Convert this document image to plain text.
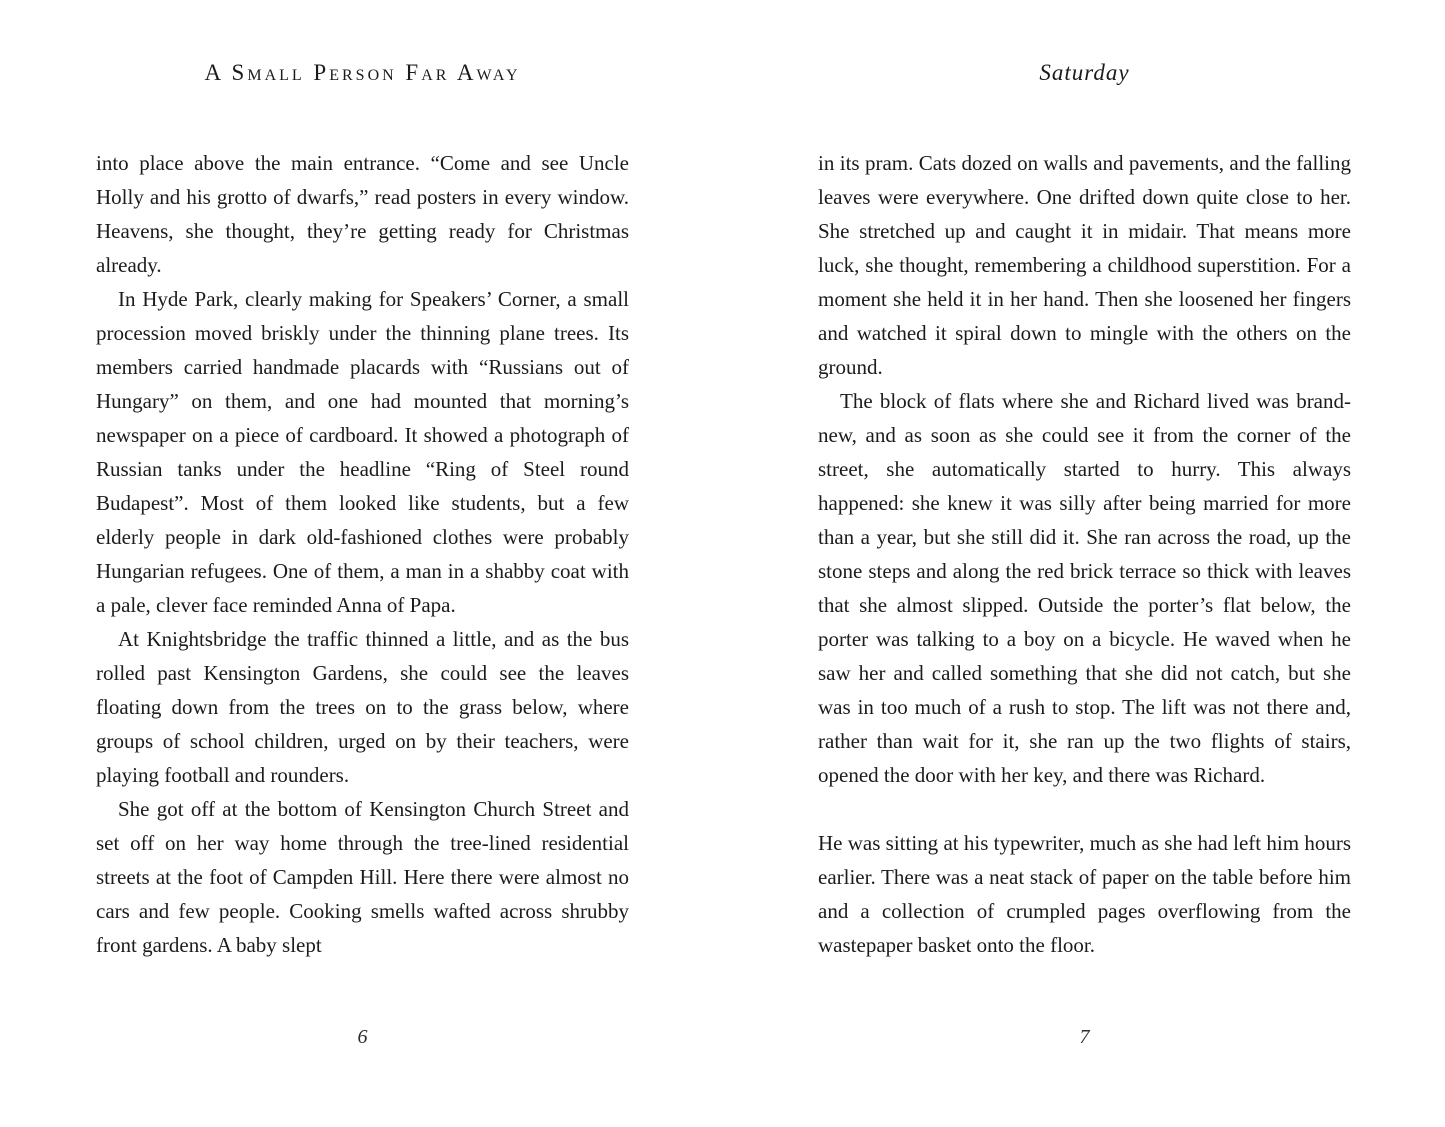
A Small Person Far Away

into place above the main entrance. “Come and see Uncle Holly and his grotto of dwarfs,” read posters in every window. Heavens, she thought, they’re getting ready for Christmas already.

In Hyde Park, clearly making for Speakers’ Corner, a small procession moved briskly under the thinning plane trees. Its members carried handmade placards with “Russians out of Hungary” on them, and one had mounted that morning’s newspaper on a piece of cardboard. It showed a photograph of Russian tanks under the headline “Ring of Steel round Budapest”. Most of them looked like students, but a few elderly people in dark old-fashioned clothes were probably Hungarian refugees. One of them, a man in a shabby coat with a pale, clever face reminded Anna of Papa.

At Knightsbridge the traffic thinned a little, and as the bus rolled past Kensington Gardens, she could see the leaves floating down from the trees on to the grass below, where groups of school children, urged on by their teachers, were playing football and rounders.

She got off at the bottom of Kensington Church Street and set off on her way home through the tree-lined residential streets at the foot of Campden Hill. Here there were almost no cars and few people. Cooking smells wafted across shrubby front gardens. A baby slept

6
Saturday

in its pram. Cats dozed on walls and pavements, and the falling leaves were everywhere. One drifted down quite close to her. She stretched up and caught it in midair. That means more luck, she thought, remembering a childhood superstition. For a moment she held it in her hand. Then she loosened her fingers and watched it spiral down to mingle with the others on the ground.

The block of flats where she and Richard lived was brand-new, and as soon as she could see it from the corner of the street, she automatically started to hurry. This always happened: she knew it was silly after being married for more than a year, but she still did it. She ran across the road, up the stone steps and along the red brick terrace so thick with leaves that she almost slipped. Outside the porter’s flat below, the porter was talking to a boy on a bicycle. He waved when he saw her and called something that she did not catch, but she was in too much of a rush to stop. The lift was not there and, rather than wait for it, she ran up the two flights of stairs, opened the door with her key, and there was Richard.

He was sitting at his typewriter, much as she had left him hours earlier. There was a neat stack of paper on the table before him and a collection of crumpled pages overflowing from the wastepaper basket onto the floor.

7
